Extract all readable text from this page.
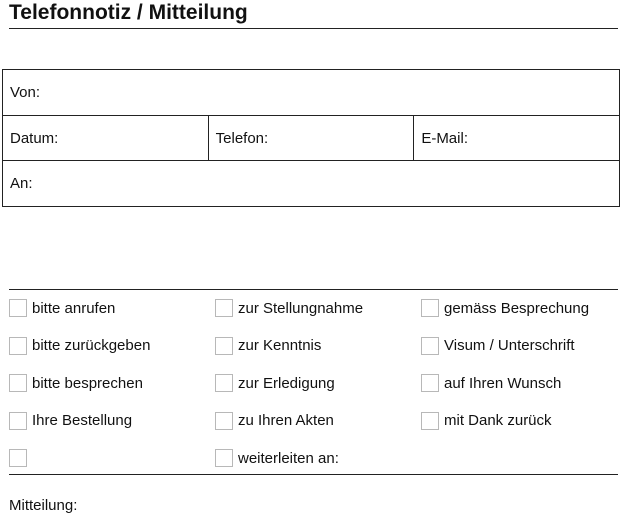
Telefonnotiz / Mitteilung
Von:
Datum:	Telefon:	E-Mail:
An:
bitte anrufen	zur Stellungnahme	gemäss Besprechung
bitte zurückgeben	zur Kenntnis	Visum / Unterschrift
bitte besprechen	zur Erledigung	auf Ihren Wunsch
Ihre Bestellung	zu Ihren Akten	mit Dank zurück
weiterleiten an:
Mitteilung:
